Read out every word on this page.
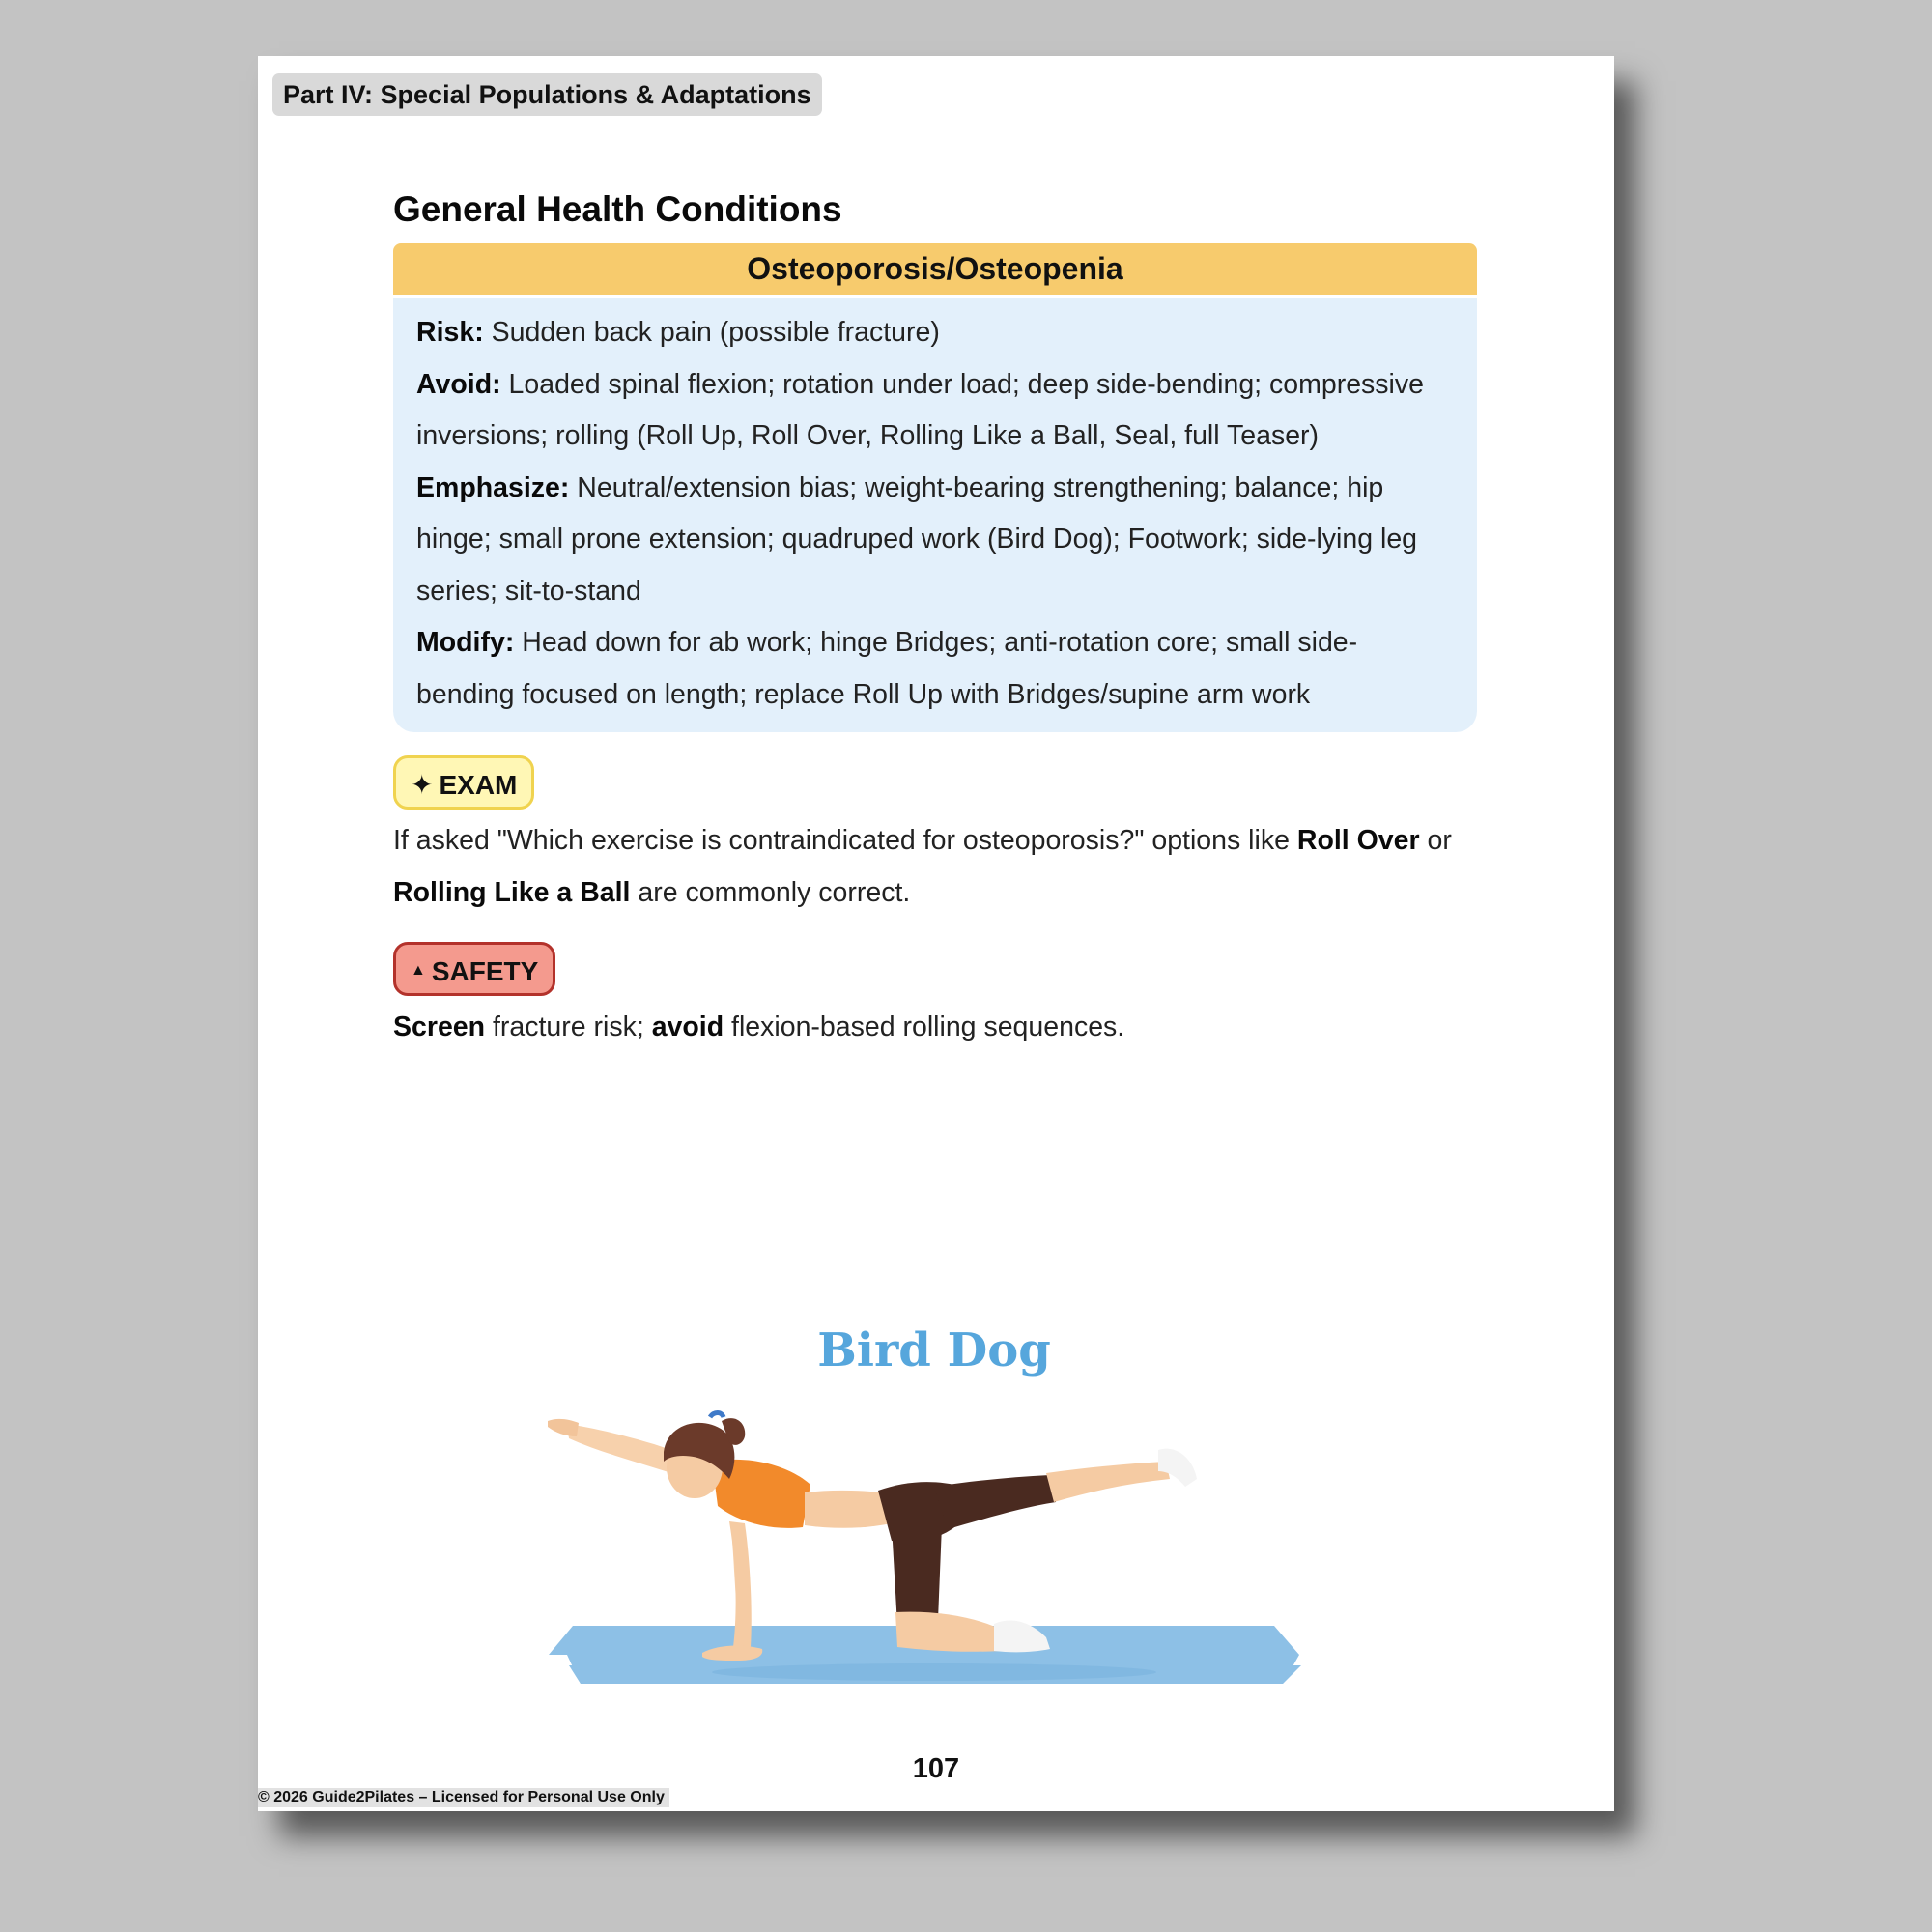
Part IV: Special Populations & Adaptations
General Health Conditions
Osteoporosis/Osteopenia

Risk: Sudden back pain (possible fracture)

Avoid: Loaded spinal flexion; rotation under load; deep side-bending; compressive inversions; rolling (Roll Up, Roll Over, Rolling Like a Ball, Seal, full Teaser)

Emphasize: Neutral/extension bias; weight-bearing strengthening; balance; hip hinge; small prone extension; quadruped work (Bird Dog); Footwork; side-lying leg series; sit-to-stand

Modify: Head down for ab work; hinge Bridges; anti-rotation core; small side-bending focused on length; replace Roll Up with Bridges/supine arm work

✦ EXAM

If asked "Which exercise is contraindicated for osteoporosis?" options like Roll Over or Rolling Like a Ball are commonly correct.

▲ SAFETY

Screen fracture risk; avoid flexion-based rolling sequences.

Bird Dog
107
© 2026 Guide2Pilates – Licensed for Personal Use Only
